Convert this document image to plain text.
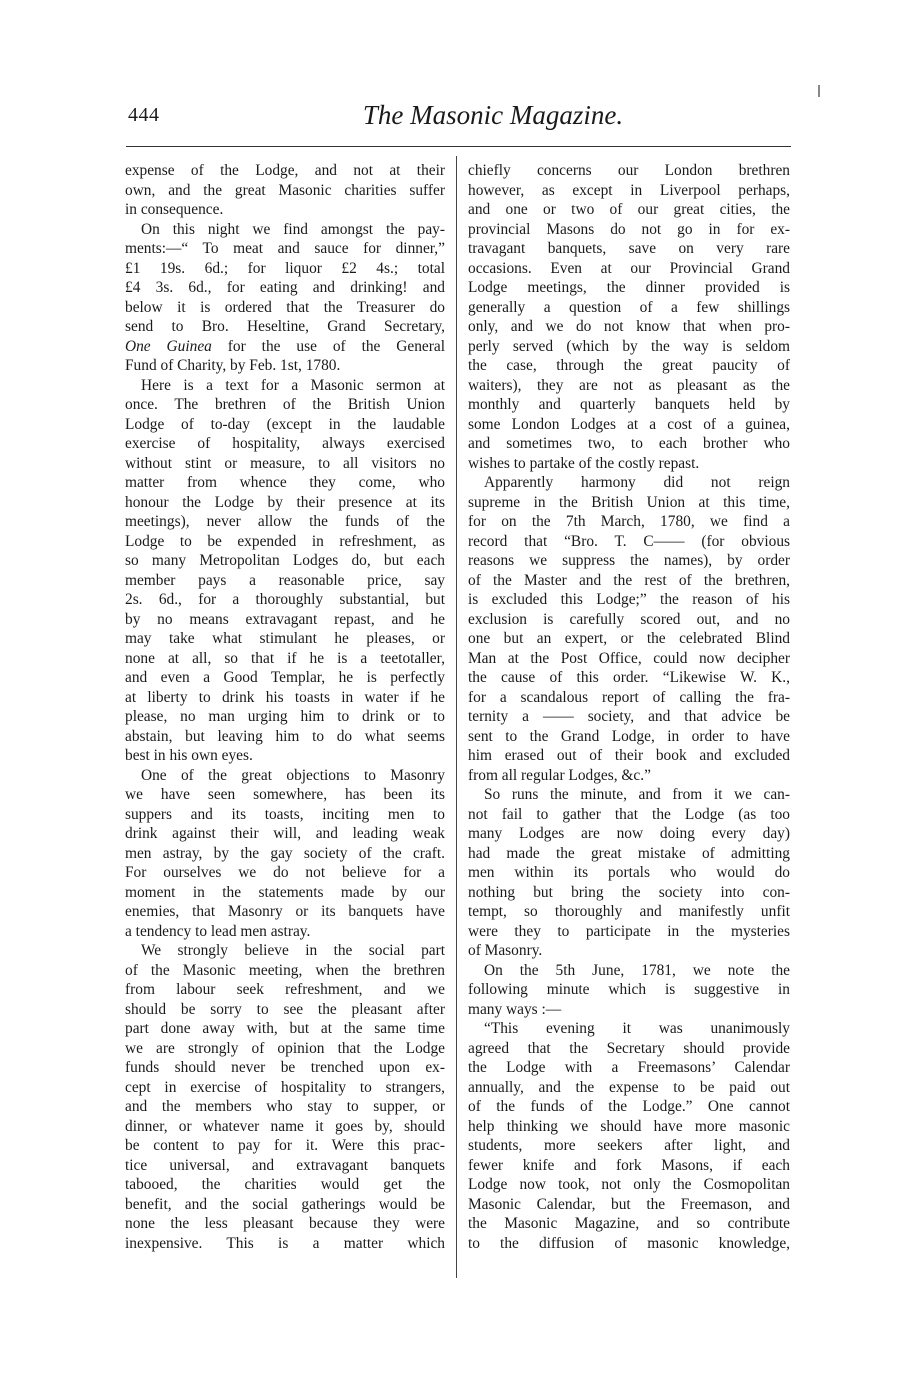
444	The Masonic Magazine.
expense of the Lodge, and not at their
own, and the great Masonic charities suffer
in consequence.
On this night we find amongst the pay-
ments:—“ To meat and sauce for dinner,”
£1 19s. 6d.; for liquor £2 4s.; total
£4 3s. 6d., for eating and drinking! and
below it is ordered that the Treasurer do
send to Bro. Heseltine, Grand Secretary,
One Guinea for the use of the General
Fund of Charity, by Feb. 1st, 1780.
Here is a text for a Masonic sermon at
once. The brethren of the British Union
Lodge of to-day (except in the laudable
exercise of hospitality, always exercised
without stint or measure, to all visitors no
matter from whence they come, who
honour the Lodge by their presence at its
meetings), never allow the funds of the
Lodge to be expended in refreshment, as
so many Metropolitan Lodges do, but each
member pays a reasonable price, say
2s. 6d., for a thoroughly substantial, but
by no means extravagant repast, and he
may take what stimulant he pleases, or
none at all, so that if he is a teetotaller,
and even a Good Templar, he is perfectly
at liberty to drink his toasts in water if he
please, no man urging him to drink or to
abstain, but leaving him to do what seems
best in his own eyes.
One of the great objections to Masonry
we have seen somewhere, has been its
suppers and its toasts, inciting men to
drink against their will, and leading weak
men astray, by the gay society of the craft.
For ourselves we do not believe for a
moment in the statements made by our
enemies, that Masonry or its banquets have
a tendency to lead men astray.
We strongly believe in the social part
of the Masonic meeting, when the brethren
from labour seek refreshment, and we
should be sorry to see the pleasant after
part done away with, but at the same time
we are strongly of opinion that the Lodge
funds should never be trenched upon ex-
cept in exercise of hospitality to strangers,
and the members who stay to supper, or
dinner, or whatever name it goes by, should
be content to pay for it. Were this prac-
tice universal, and extravagant banquets
tabooed, the charities would get the
benefit, and the social gatherings would be
none the less pleasant because they were
inexpensive. This is a matter which
chiefly concerns our London brethren
however, as except in Liverpool perhaps,
and one or two of our great cities, the
provincial Masons do not go in for ex-
travagant banquets, save on very rare
occasions. Even at our Provincial Grand
Lodge meetings, the dinner provided is
generally a question of a few shillings
only, and we do not know that when pro-
perly served (which by the way is seldom
the case, through the great paucity of
waiters), they are not as pleasant as the
monthly and quarterly banquets held by
some London Lodges at a cost of a guinea,
and sometimes two, to each brother who
wishes to partake of the costly repast.
Apparently harmony did not reign
supreme in the British Union at this time,
for on the 7th March, 1780, we find a
record that “Bro. T. C—— (for obvious
reasons we suppress the names), by order
of the Master and the rest of the brethren,
is excluded this Lodge;” the reason of his
exclusion is carefully scored out, and no
one but an expert, or the celebrated Blind
Man at the Post Office, could now decipher
the cause of this order. “Likewise W. K.,
for a scandalous report of calling the fra-
ternity a —— society, and that advice be
sent to the Grand Lodge, in order to have
him erased out of their book and excluded
from all regular Lodges, &c.”
So runs the minute, and from it we can-
not fail to gather that the Lodge (as too
many Lodges are now doing every day)
had made the great mistake of admitting
men within its portals who would do
nothing but bring the society into con-
tempt, so thoroughly and manifestly unfit
were they to participate in the mysteries
of Masonry.
On the 5th June, 1781, we note the
following minute which is suggestive in
many ways :—
“This evening it was unanimously
agreed that the Secretary should provide
the Lodge with a Freemasons’ Calendar
annually, and the expense to be paid out
of the funds of the Lodge.” One cannot
help thinking we should have more masonic
students, more seekers after light, and
fewer knife and fork Masons, if each
Lodge now took, not only the Cosmopolitan
Masonic Calendar, but the Freemason, and
the Masonic Magazine, and so contribute
to the diffusion of masonic knowledge,
